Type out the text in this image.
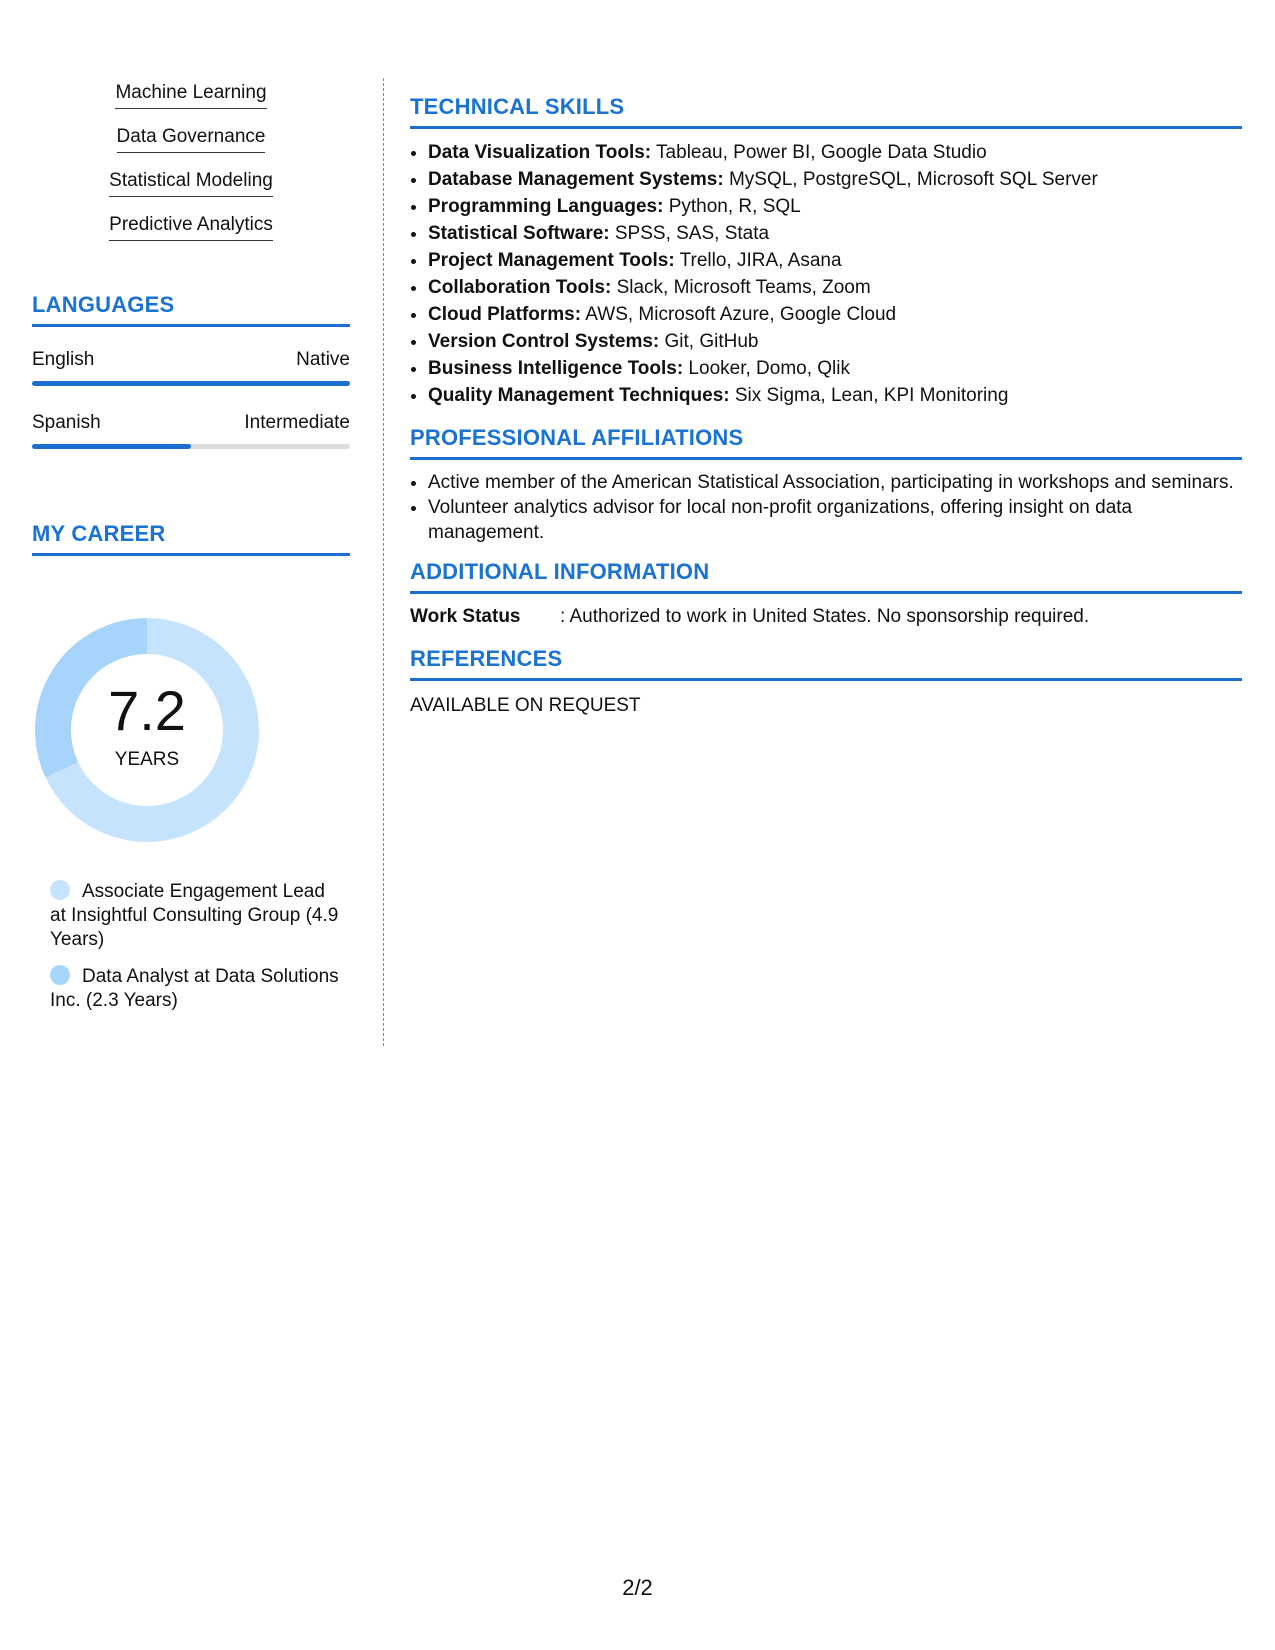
Machine Learning
Data Governance
Statistical Modeling
Predictive Analytics
LANGUAGES
English	Native
Spanish	Intermediate
MY CAREER
7.2
YEARS
Associate Engagement Lead at Insightful Consulting Group (4.9 Years)
Data Analyst at Data Solutions Inc. (2.3 Years)
TECHNICAL SKILLS
• Data Visualization Tools: Tableau, Power BI, Google Data Studio
• Database Management Systems: MySQL, PostgreSQL, Microsoft SQL Server
• Programming Languages: Python, R, SQL
• Statistical Software: SPSS, SAS, Stata
• Project Management Tools: Trello, JIRA, Asana
• Collaboration Tools: Slack, Microsoft Teams, Zoom
• Cloud Platforms: AWS, Microsoft Azure, Google Cloud
• Version Control Systems: Git, GitHub
• Business Intelligence Tools: Looker, Domo, Qlik
• Quality Management Techniques: Six Sigma, Lean, KPI Monitoring
PROFESSIONAL AFFILIATIONS
• Active member of the American Statistical Association, participating in workshops and seminars.
• Volunteer analytics advisor for local non-profit organizations, offering insight on data management.
ADDITIONAL INFORMATION
Work Status	: Authorized to work in United States. No sponsorship required.
REFERENCES
AVAILABLE ON REQUEST
2/2
